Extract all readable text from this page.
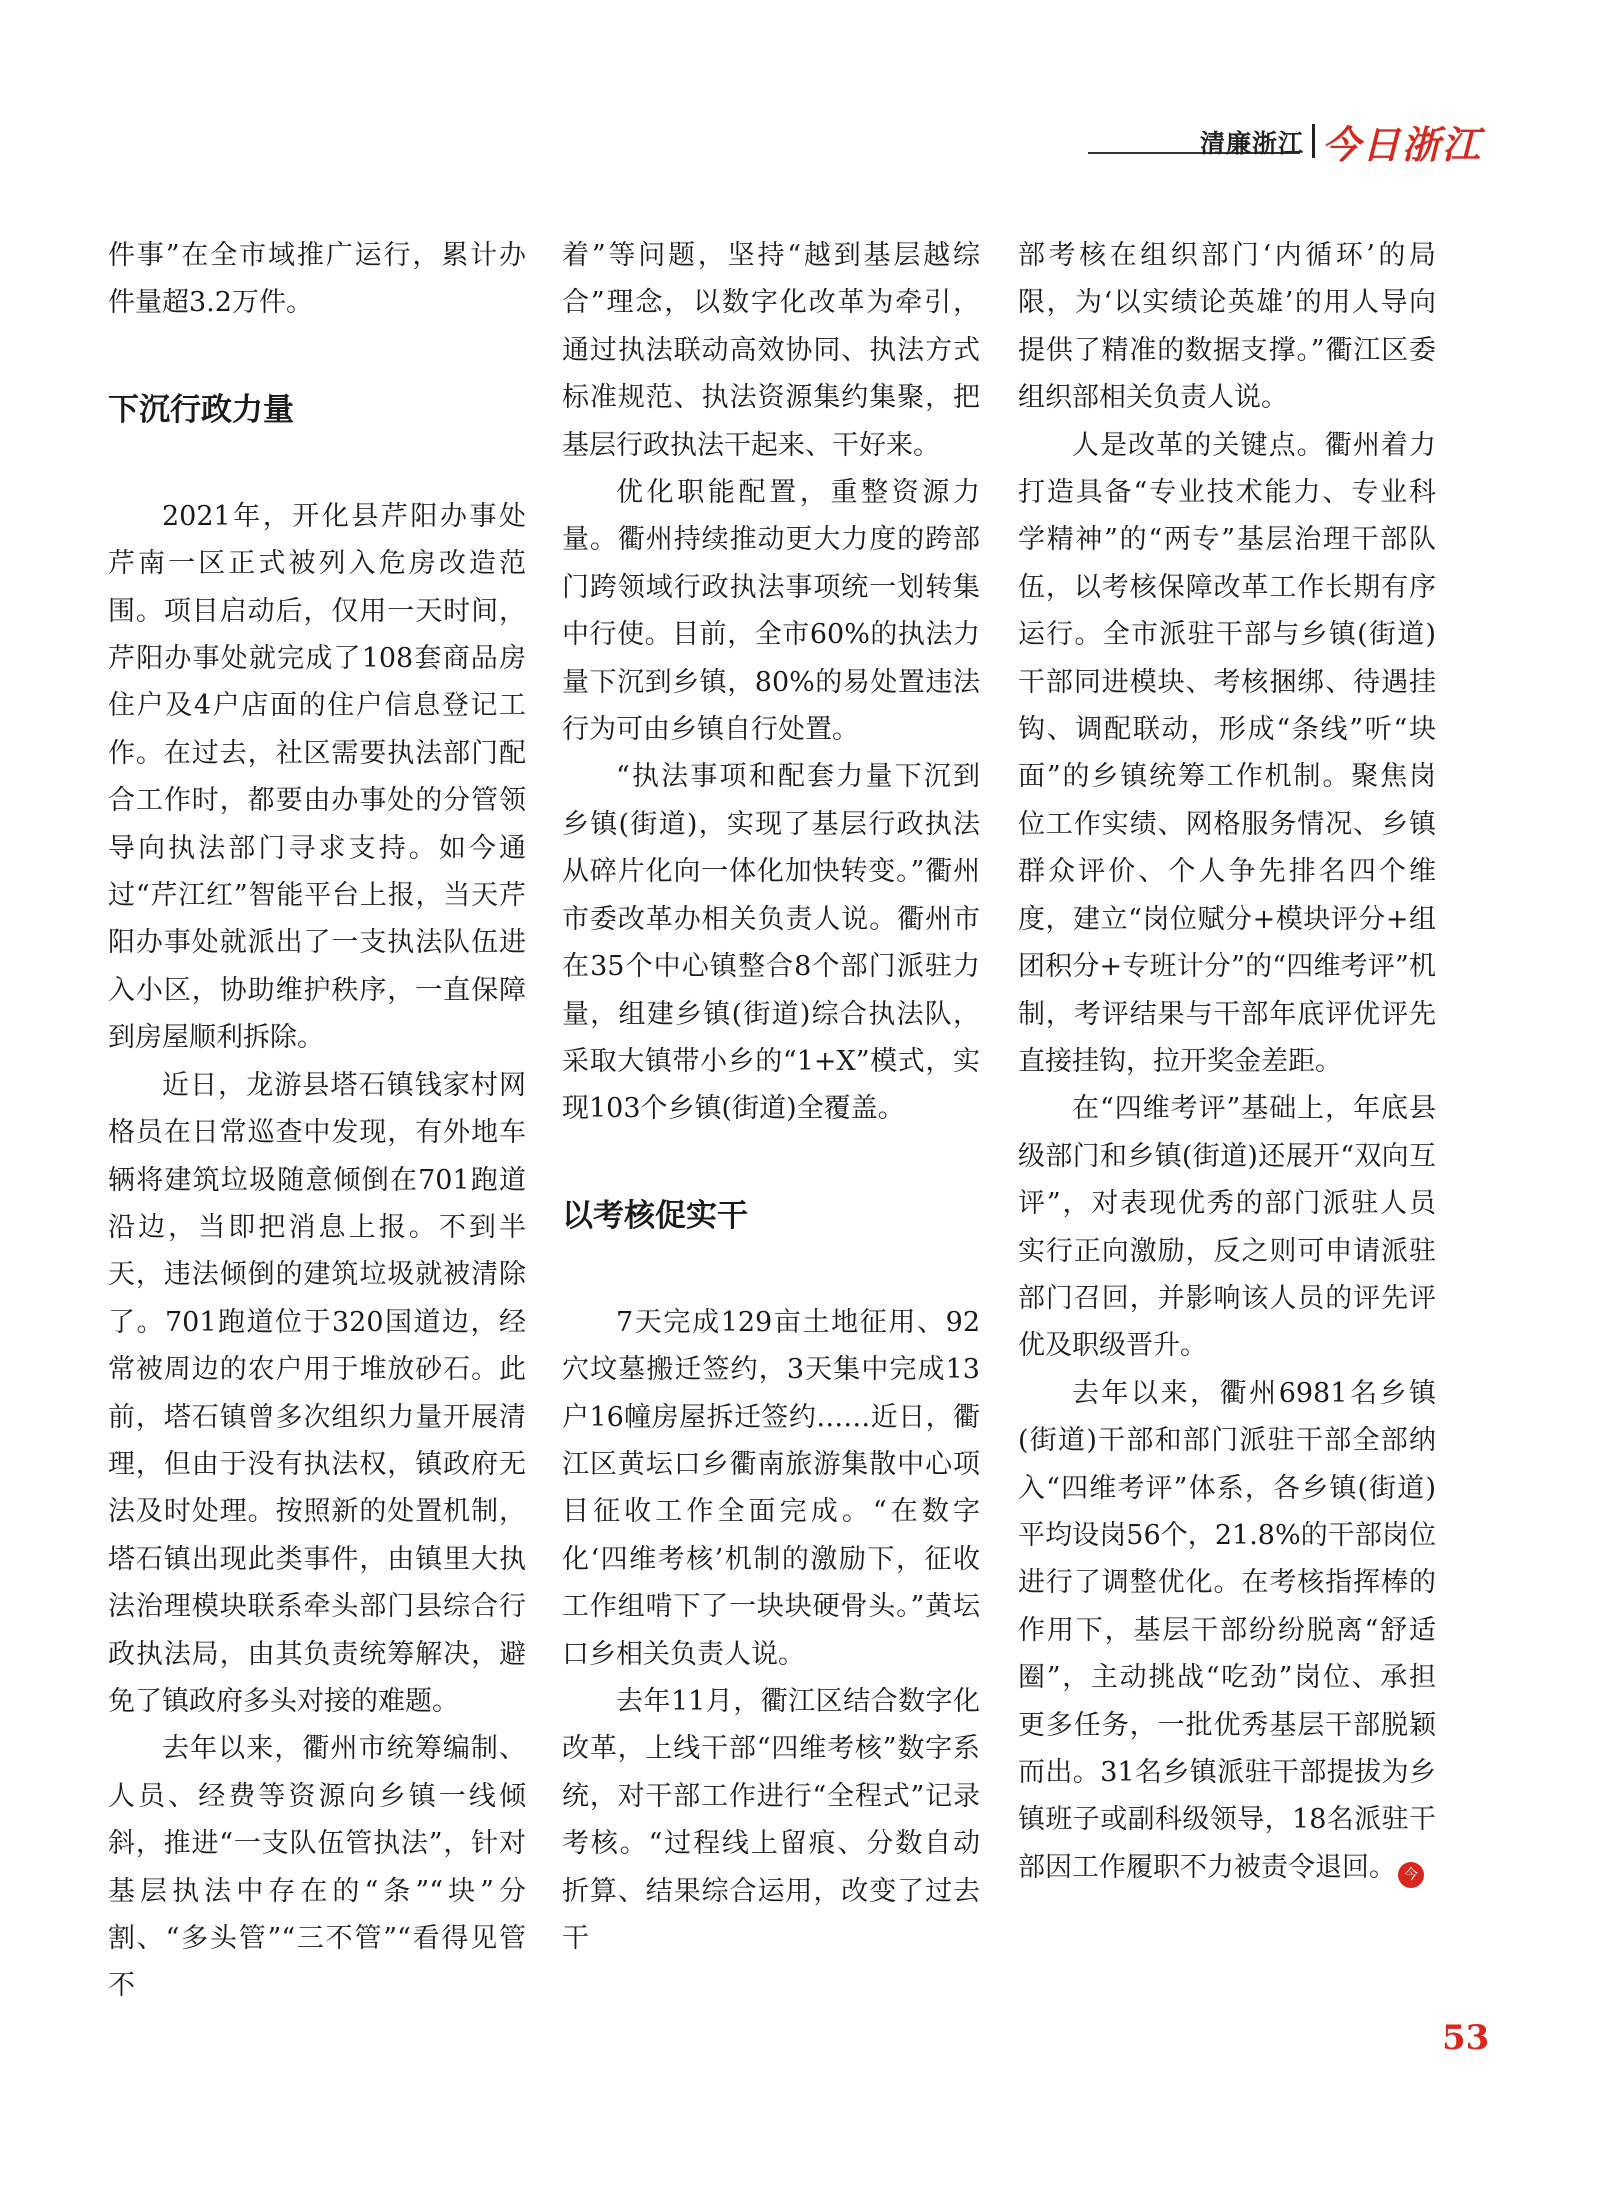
清廉浙江 今日浙江

件事”在全市域推广运行，累计办件量超3.2万件。

下沉行政力量

2021年，开化县芹阳办事处芹南一区正式被列入危房改造范围。项目启动后，仅用一天时间，芹阳办事处就完成了108套商品房住户及4户店面的住户信息登记工作。在过去，社区需要执法部门配合工作时，都要由办事处的分管领导向执法部门寻求支持。如今通过“芹江红”智能平台上报，当天芹阳办事处就派出了一支执法队伍进入小区，协助维护秩序，一直保障到房屋顺利拆除。

近日，龙游县塔石镇钱家村网格员在日常巡查中发现，有外地车辆将建筑垃圾随意倾倒在701跑道沿边，当即把消息上报。不到半天，违法倾倒的建筑垃圾就被清除了。701跑道位于320国道边，经常被周边的农户用于堆放砂石。此前，塔石镇曾多次组织力量开展清理，但由于没有执法权，镇政府无法及时处理。按照新的处置机制，塔石镇出现此类事件，由镇里大执法治理模块联系牵头部门县综合行政执法局，由其负责统筹解决，避免了镇政府多头对接的难题。

去年以来，衢州市统筹编制、人员、经费等资源向乡镇一线倾斜，推进“一支队伍管执法”，针对基层执法中存在的“条”“块”分割、“多头管”“三不管”“看得见管不

着”等问题，坚持“越到基层越综合”理念，以数字化改革为牵引，通过执法联动高效协同、执法方式标准规范、执法资源集约集聚，把基层行政执法干起来、干好来。

优化职能配置，重整资源力量。衢州持续推动更大力度的跨部门跨领域行政执法事项统一划转集中行使。目前，全市60%的执法力量下沉到乡镇，80%的易处置违法行为可由乡镇自行处置。

“执法事项和配套力量下沉到乡镇(街道)，实现了基层行政执法从碎片化向一体化加快转变。”衢州市委改革办相关负责人说。衢州市在35个中心镇整合8个部门派驻力量，组建乡镇(街道)综合执法队，采取大镇带小乡的“1+X”模式，实现103个乡镇(街道)全覆盖。

以考核促实干

7天完成129亩土地征用、92穴坟墓搬迁签约，3天集中完成13户16幢房屋拆迁签约……近日，衢江区黄坛口乡衢南旅游集散中心项目征收工作全面完成。“在数字化‘四维考核’机制的激励下，征收工作组啃下了一块块硬骨头。”黄坛口乡相关负责人说。

去年11月，衢江区结合数字化改革，上线干部“四维考核”数字系统，对干部工作进行“全程式”记录考核。“过程线上留痕、分数自动折算、结果综合运用，改变了过去干

部考核在组织部门‘内循环’的局限，为‘以实绩论英雄’的用人导向提供了精准的数据支撑。”衢江区委组织部相关负责人说。

人是改革的关键点。衢州着力打造具备“专业技术能力、专业科学精神”的“两专”基层治理干部队伍，以考核保障改革工作长期有序运行。全市派驻干部与乡镇(街道)干部同进模块、考核捆绑、待遇挂钩、调配联动，形成“条线”听“块面”的乡镇统筹工作机制。聚焦岗位工作实绩、网格服务情况、乡镇群众评价、个人争先排名四个维度，建立“岗位赋分+模块评分+组团积分+专班计分”的“四维考评”机制，考评结果与干部年底评优评先直接挂钩，拉开奖金差距。

在“四维考评”基础上，年底县级部门和乡镇(街道)还展开“双向互评”，对表现优秀的部门派驻人员实行正向激励，反之则可申请派驻部门召回，并影响该人员的评先评优及职级晋升。

去年以来，衢州6981名乡镇(街道)干部和部门派驻干部全部纳入“四维考评”体系，各乡镇(街道)平均设岗56个，21.8%的干部岗位进行了调整优化。在考核指挥棒的作用下，基层干部纷纷脱离“舒适圈”，主动挑战“吃劲”岗位、承担更多任务，一批优秀基层干部脱颖而出。31名乡镇派驻干部提拔为乡镇班子或副科级领导，18名派驻干部因工作履职不力被责令退回。 今

53
